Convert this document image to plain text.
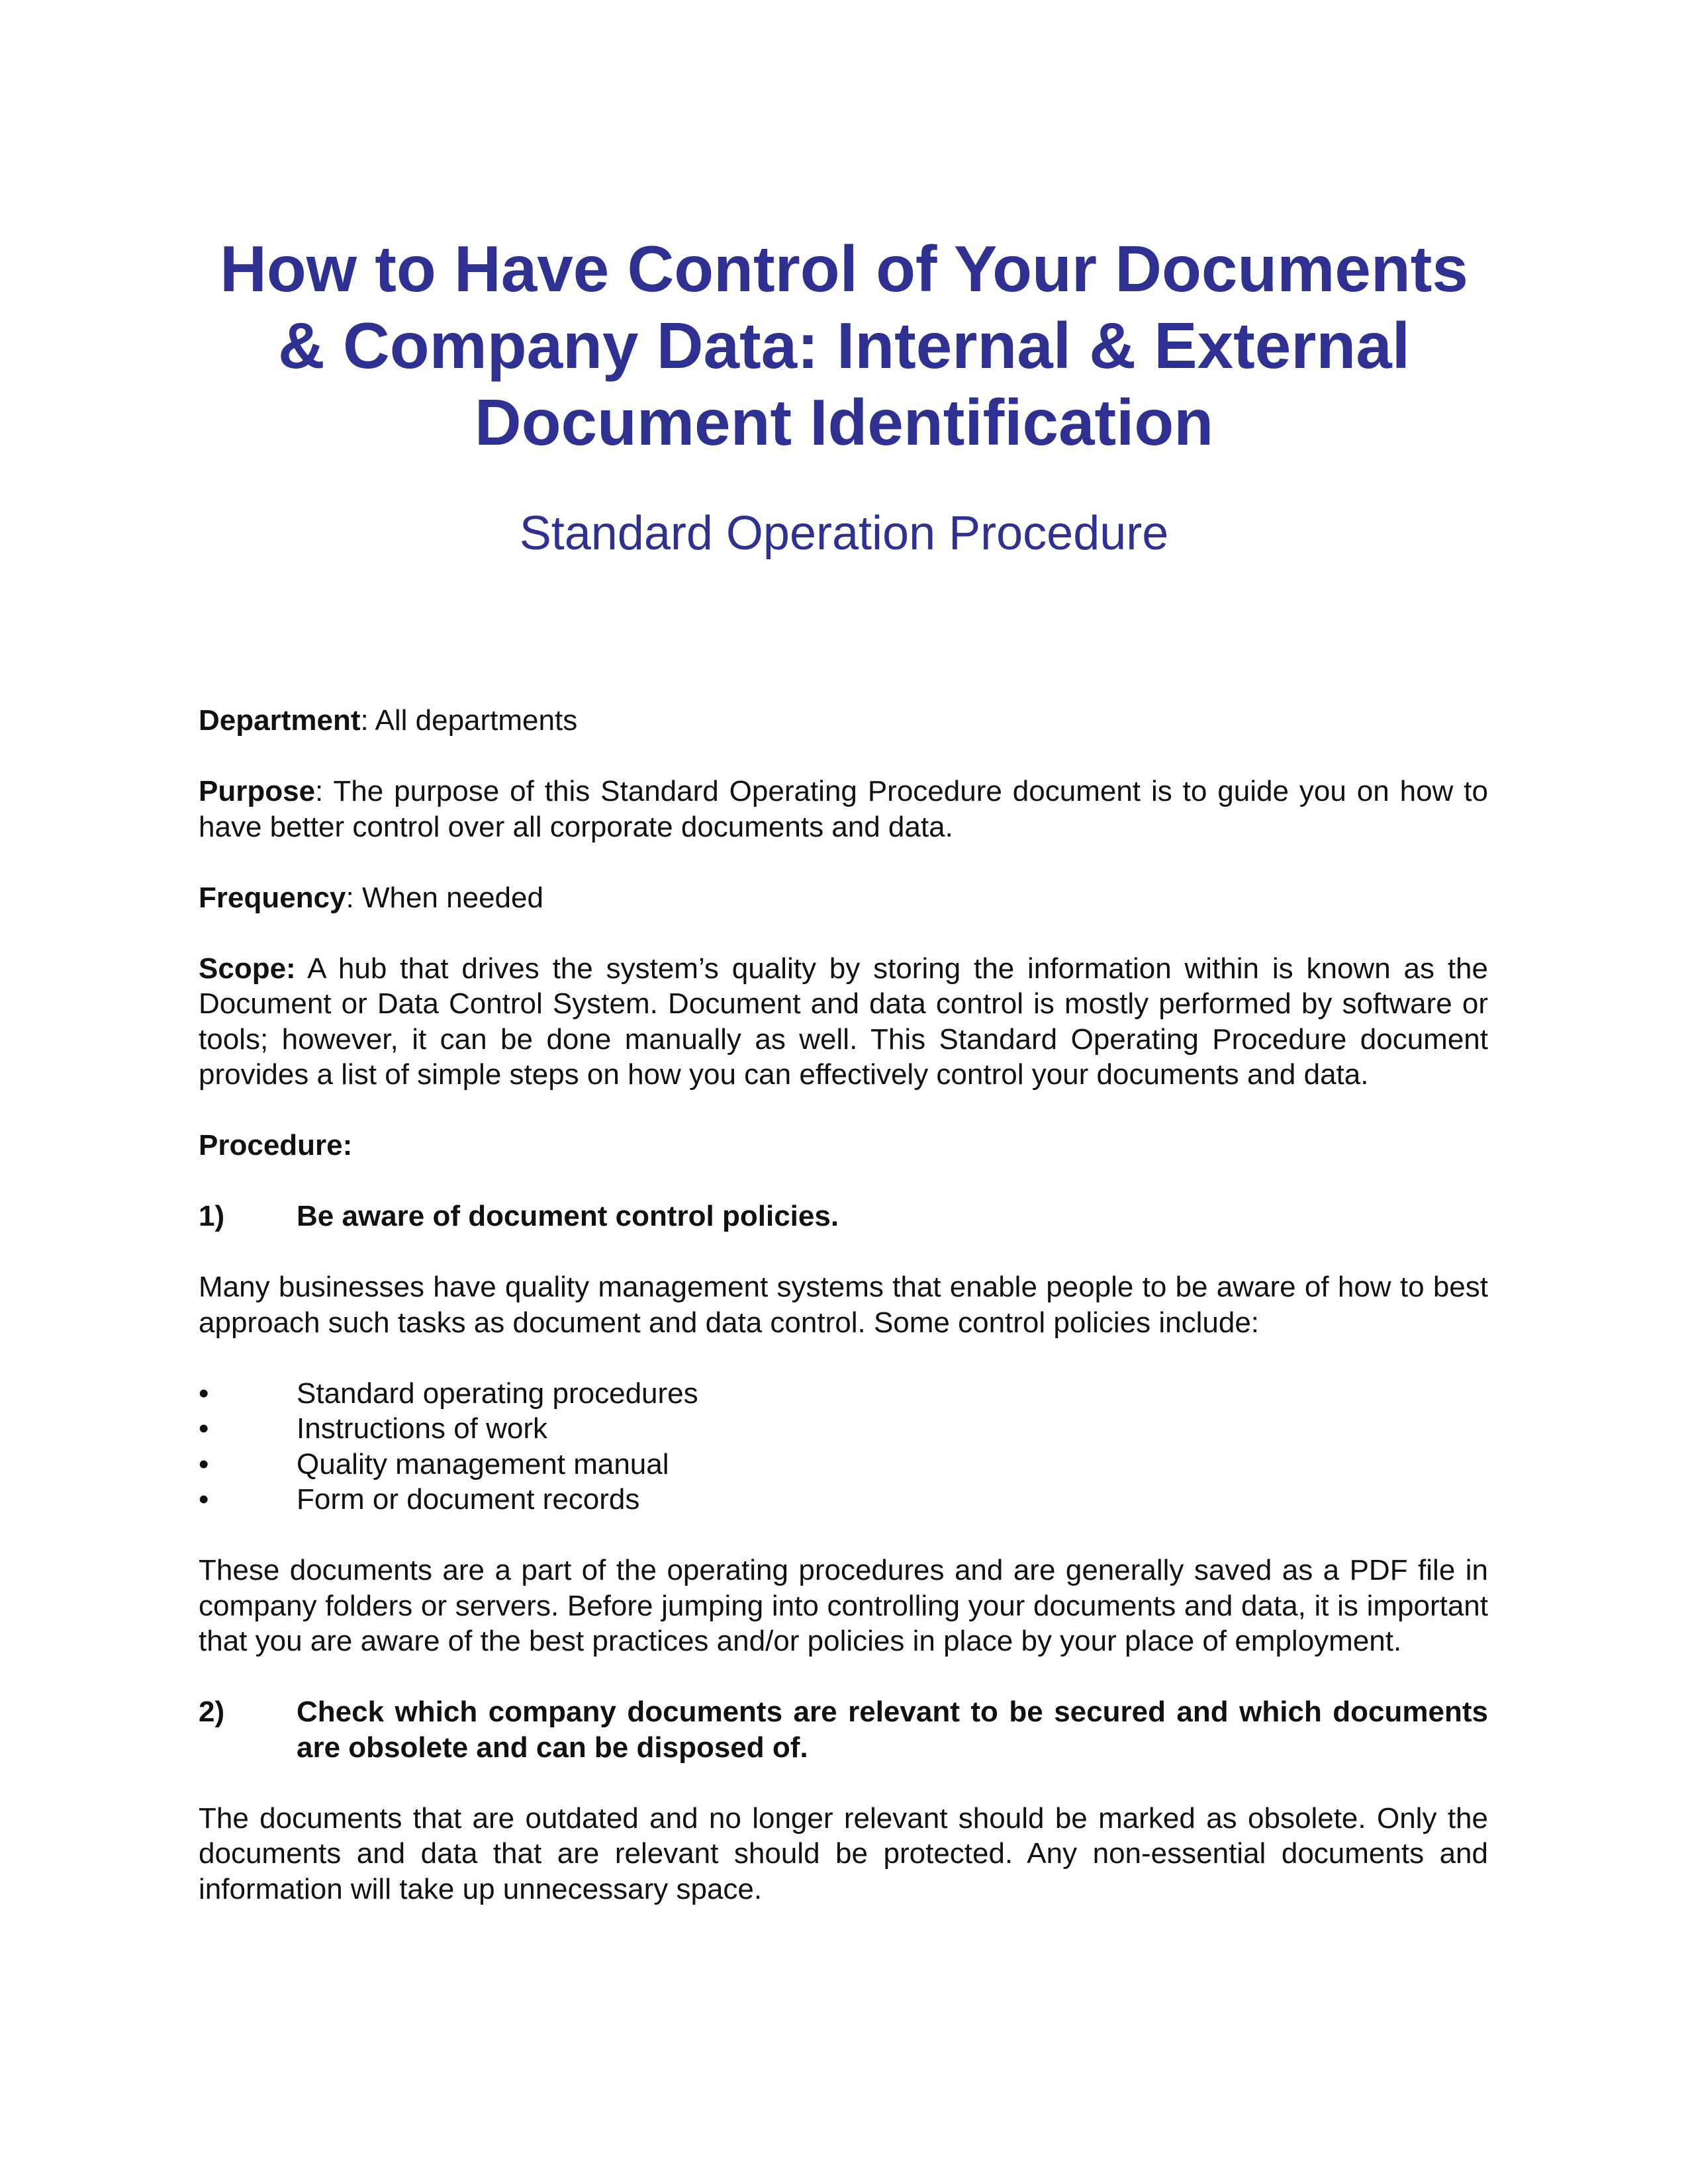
How to Have Control of Your Documents
& Company Data: Internal & External
Document Identification

Standard Operation Procedure

Department: All departments

Purpose: The purpose of this Standard Operating Procedure document is to guide you on how to have better control over all corporate documents and data.

Frequency: When needed

Scope: A hub that drives the system’s quality by storing the information within is known as the Document or Data Control System. Document and data control is mostly performed by software or tools; however, it can be done manually as well. This Standard Operating Procedure document provides a list of simple steps on how you can effectively control your documents and data.

Procedure:

1)	Be aware of document control policies.

Many businesses have quality management systems that enable people to be aware of how to best approach such tasks as document and data control. Some control policies include:

•	Standard operating procedures
•	Instructions of work
•	Quality management manual
•	Form or document records

These documents are a part of the operating procedures and are generally saved as a PDF file in company folders or servers. Before jumping into controlling your documents and data, it is important that you are aware of the best practices and/or policies in place by your place of employment.

2)	Check which company documents are relevant to be secured and which documents are obsolete and can be disposed of.

The documents that are outdated and no longer relevant should be marked as obsolete. Only the documents and data that are relevant should be protected. Any non-essential documents and information will take up unnecessary space.
